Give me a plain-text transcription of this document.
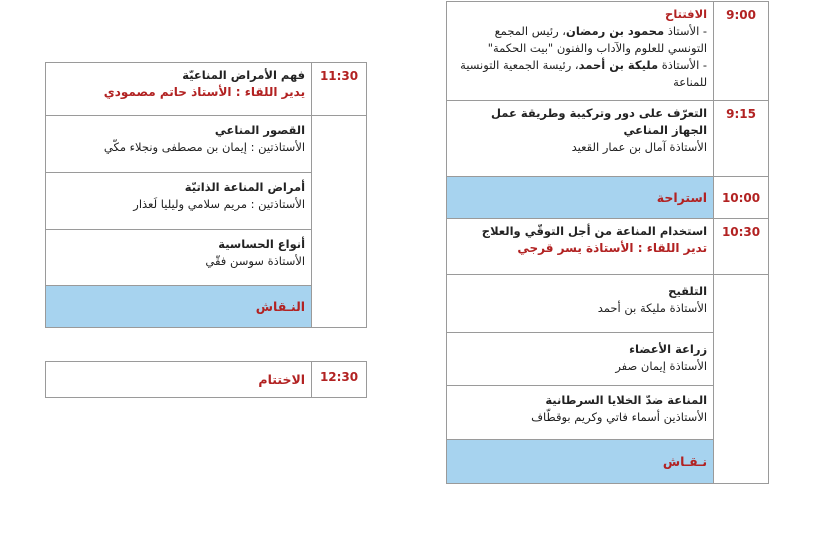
9:00	الافتتاح
- الأستاذ محمود بن رمضان، رئيس المجمع التونسي للعلوم والآداب والفنون "بيت الحكمة"
- الأستاذة مليكة بن أحمد، رئيسة الجمعية التونسية للمناعة

9:15	التعرّف على دور وتركيبة وطريقة عمل الجهاز المناعي
الأستاذة آمال بن عمار القعيد

10:00	استراحة
10:30	استخدام المناعة من أجل التوقّي والعلاج
تدير اللقاء : الأستاذة يسر قرجي

	التلقيح
الأستاذة مليكة بن أحمد

	زراعة الأعضاء
الأستاذة إيمان صفر

	المناعة ضدّ الخلايا السرطانية
الأستاذين أسماء فاتي وكريم بوقطّاف

	نـقـاش
11:30	فهم الأمراض المناعيّة
يدير اللقاء : الأستاذ حاتم مصمودي

	القصور المناعي
الأستاذتين : إيمان بن مصطفى ونجلاء مكّي

	أمراض المناعة الذاتيّة
الأستاذتين : مريم سلامي وليليا لَعذار

	أنواع الحساسية
الأستاذة سوسن فقّي

	النـقاش
12:30	الاختتام
